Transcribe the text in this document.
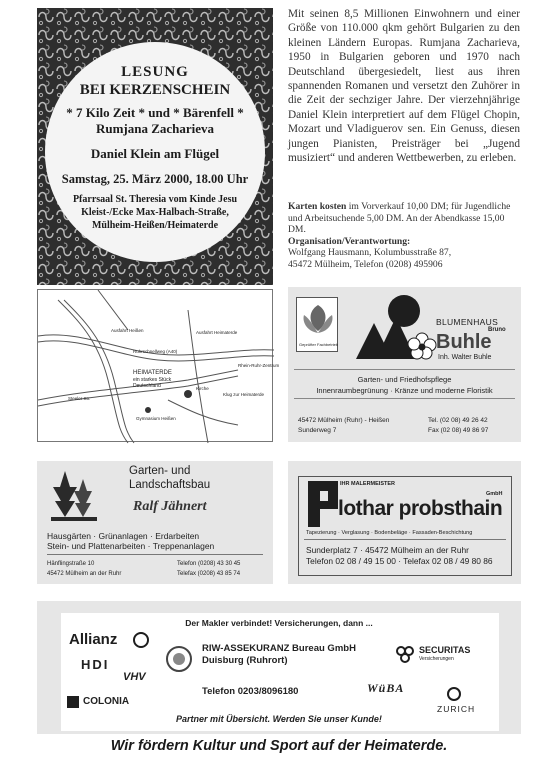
LESUNG
BEI KERZENSCHEIN
* 7 Kilo Zeit * und * Bärenfell *
Rumjana Zacharieva
Daniel Klein am Flügel
Samstag, 25. März 2000, 18.00 Uhr
Pfarrsaal St. Theresia vom Kinde Jesu
Kleist-/Ecke Max-Halbach-Straße,
Mülheim-Heißen/Heimaterde
Mit seinen 8,5 Millionen Einwohnern und einer Größe von 110.000 qkm gehört Bulgarien zu den kleinen Ländern Europas. Rumjana Zacharieva, 1950 in Bulgarien geboren und 1970 nach Deutschland übergesiedelt, liest aus ihren spannenden Romanen und versetzt den Zuhörer in die Zeit der sechziger Jahre. Der vierzehnjährige Daniel Klein interpretiert auf dem Flügel Chopin, Mozart und Vladiguerov sen. Ein Genuss, diesen jungen Pianisten, Preisträger bei „Jugend musiziert“ und anderen Wettbewerben, zu erleben.
Karten kosten im Vorverkauf 10,00 DM; für Jugendliche und Arbeitsuchende 5,00 DM. An der Abendkasse 15,00 DM.
Organisation/Verantwortung:
Wolfgang Hausmann, Kolumbusstraße 87,
45472 Mülheim, Telefon (0208) 495906
Ausfahrt Heißen	Ausfahrt Heimaterde
Ruhrschnellweg (A40)
Rhein-Ruhr-Zentrum
HEIMATERDE
ein starkes Stück
Deutschland	Kirche
Klug zur Heimaterde
Gymnasium Heißen
Steeler Str.
Geprüfter Fachbetrieb
BLUMENHAUS
Bruno
Buhle
Inh. Walter Buhle
Garten- und Friedhofspflege
Innenraumbegrünung · Kränze und moderne Floristik
45472 Mülheim (Ruhr) - Heißen
Sunderweg 7
Tel. (02 08) 49 26 42
Fax (02 08) 49 86 97
Garten- und
Landschaftsbau
Ralf Jähnert
Hausgärten · Grünanlagen · Erdarbeiten
Stein- und Plattenarbeiten · Treppenanlagen
Hänflingstraße 10
45472 Mülheim an der Ruhr
Telefon (0208) 43 30 45
Telefax (0208) 43 85 74
IHR MALERMEISTER
GmbH
lothar probsthain
Tapezierung · Verglasung · Bodenbeläge · Fassaden-Beschichtung
Sunderplatz 7 · 45472 Mülheim an der Ruhr
Telefon 02 08 / 49 15 00 · Telefax 02 08 / 49 80 86
Der Makler verbindet! Versicherungen, dann ...
Allianz
HDI
VHV
COLONIA
RIW-ASSEKURANZ Bureau GmbH
Duisburg (Ruhrort)
Telefon 0203/8096180
SECURITAS
Versicherungen
WüBA
ZURICH
Partner mit Übersicht. Werden Sie unser Kunde!
Wir fördern Kultur und Sport auf der Heimaterde.
